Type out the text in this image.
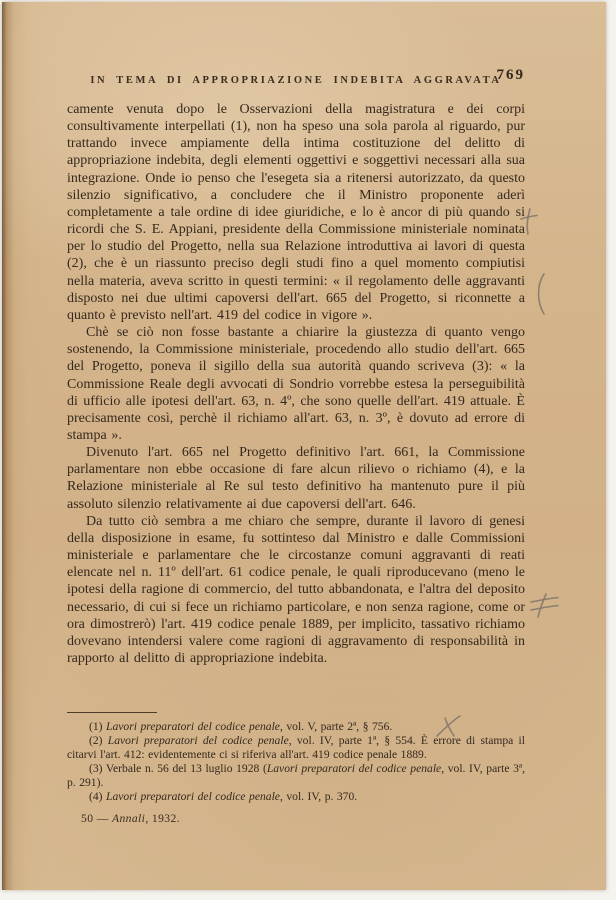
IN TEMA DI APPROPRIAZIONE INDEBITA AGGRAVATA
769

camente venuta dopo le Osservazioni della magistratura e dei corpi consultivamente interpellati (1), non ha speso una sola parola al riguardo, pur trattando invece ampiamente della intima costituzione del delitto di appropriazione indebita, degli elementi oggettivi e soggettivi necessari alla sua integrazione. Onde io penso che l'esegeta sia a ritenersi autorizzato, da questo silenzio significativo, a concludere che il Ministro proponente aderì completamente a tale ordine di idee giuridiche, e lo è ancor di più quando si ricordi che S. E. Appiani, presidente della Commissione ministeriale nominata per lo studio del Progetto, nella sua Relazione introduttiva ai lavori di questa (2), che è un riassunto preciso degli studi fino a quel momento compiutisi nella materia, aveva scritto in questi termini: « il regolamento delle aggravanti disposto nei due ultimi capoversi dell'art. 665 del Progetto, si riconnette a quanto è previsto nell'art. 419 del codice in vigore ».

Chè se ciò non fosse bastante a chiarire la giustezza di quanto vengo sostenendo, la Commissione ministeriale, procedendo allo studio dell'art. 665 del Progetto, poneva il sigillo della sua autorità quando scriveva (3): « la Commissione Reale degli avvocati di Sondrio vorrebbe estesa la perseguibilità di ufficio alle ipotesi dell'art. 63, n. 4º, che sono quelle dell'art. 419 attuale. È precisamente così, perchè il richiamo all'art. 63, n. 3º, è dovuto ad errore di stampa ».

Divenuto l'art. 665 nel Progetto definitivo l'art. 661, la Commissione parlamentare non ebbe occasione di fare alcun rilievo o richiamo (4), e la Relazione ministeriale al Re sul testo definitivo ha mantenuto pure il più assoluto silenzio relativamente ai due capoversi dell'art. 646.

Da tutto ciò sembra a me chiaro che sempre, durante il lavoro di genesi della disposizione in esame, fu sottinteso dal Ministro e dalle Commissioni ministeriale e parlamentare che le circostanze comuni aggravanti di reati elencate nel n. 11º dell'art. 61 codice penale, le quali riproducevano (meno le ipotesi della ragione di commercio, del tutto abbandonata, e l'altra del deposito necessario, di cui si fece un richiamo particolare, e non senza ragione, come or ora dimostrerò) l'art. 419 codice penale 1889, per implicito, tassativo richiamo dovevano intendersi valere come ragioni di aggravamento di responsabilità in rapporto al delitto di appropriazione indebita.

(1) Lavori preparatori del codice penale, vol. V, parte 2ª, § 756.

(2) Lavori preparatori del codice penale, vol. IV, parte 1ª, § 554. È errore di stampa il citarvi l'art. 412: evidentemente ci si riferiva all'art. 419 codice penale 1889.

(3) Verbale n. 56 del 13 luglio 1928 (Lavori preparatori del codice penale, vol. IV, parte 3ª, p. 291).

(4) Lavori preparatori del codice penale, vol. IV, p. 370.

50 — Annali, 1932.
